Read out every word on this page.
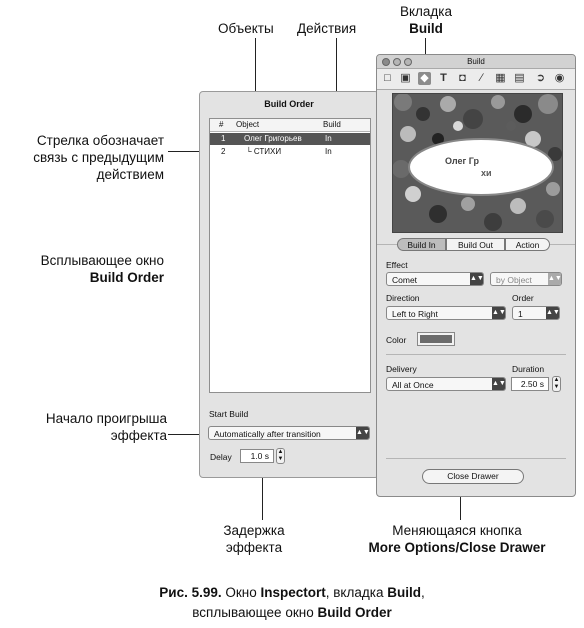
Объекты Действия
Вкладка
Build
Стрелка обозначает
связь с предыдущим
действием
Всплывающее окно
Build Order
Начало проигрыша
эффекта
Задержка
эффекта
Меняющаяся кнопка
More Options/Close Drawer
Build Order
# Object	Build
1 Олег Григорьев	In
2	└ СТИХИ	In
Start Build
Automatically after transition	▲▼
Delay	1.0 s	▲
▼
Build
□ ▣ ◆ T ◘	∕	▦ ▤ ➲ ◉
Олег Гр
хи
Build In	Build Out	Action
Effect
Comet	▲▼	by Object ▲▼
Direction
Left to Right	▲▼
Order
1	▲▼
Color
Delivery
All at Once	▲▼
Duration
2.50 s	▲
▼
Close Drawer
Рис. 5.99. Окно Inspectort, вкладка Build,
всплывающее окно Build Order
